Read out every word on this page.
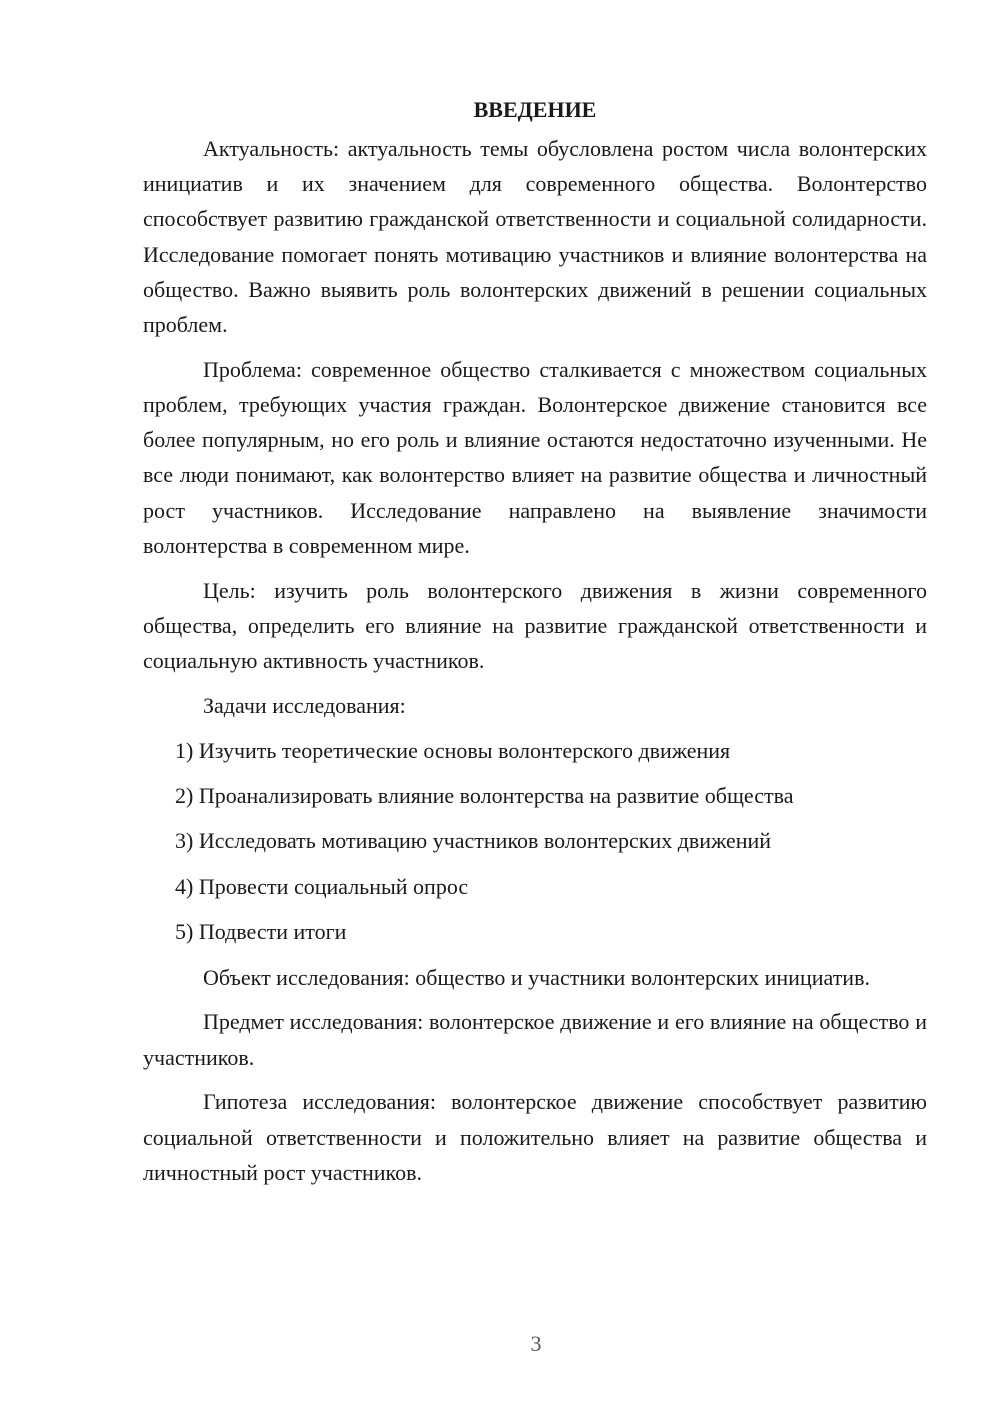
ВВЕДЕНИЕ

Актуальность: актуальность темы обусловлена ростом числа волонтерских инициатив и их значением для современного общества. Волонтерство способствует развитию гражданской ответственности и социальной солидарности. Исследование помогает понять мотивацию участников и влияние волонтерства на общество. Важно выявить роль волонтерских движений в решении социальных проблем.

Проблема: современное общество сталкивается с множеством социальных проблем, требующих участия граждан. Волонтерское движение становится все более популярным, но его роль и влияние остаются недостаточно изученными. Не все люди понимают, как волонтерство влияет на развитие общества и личностный рост участников. Исследование направлено на выявление значимости волонтерства в современном мире.

Цель: изучить роль волонтерского движения в жизни современного общества, определить его влияние на развитие гражданской ответственности и социальную активность участников.

Задачи исследования:

1) Изучить теоретические основы волонтерского движения
2) Проанализировать влияние волонтерства на развитие общества
3) Исследовать мотивацию участников волонтерских движений
4) Провести социальный опрос
5) Подвести итоги

Объект исследования: общество и участники волонтерских инициатив.

Предмет исследования: волонтерское движение и его влияние на общество и участников.

Гипотеза исследования: волонтерское движение способствует развитию социальной ответственности и положительно влияет на развитие общества и личностный рост участников.

3
